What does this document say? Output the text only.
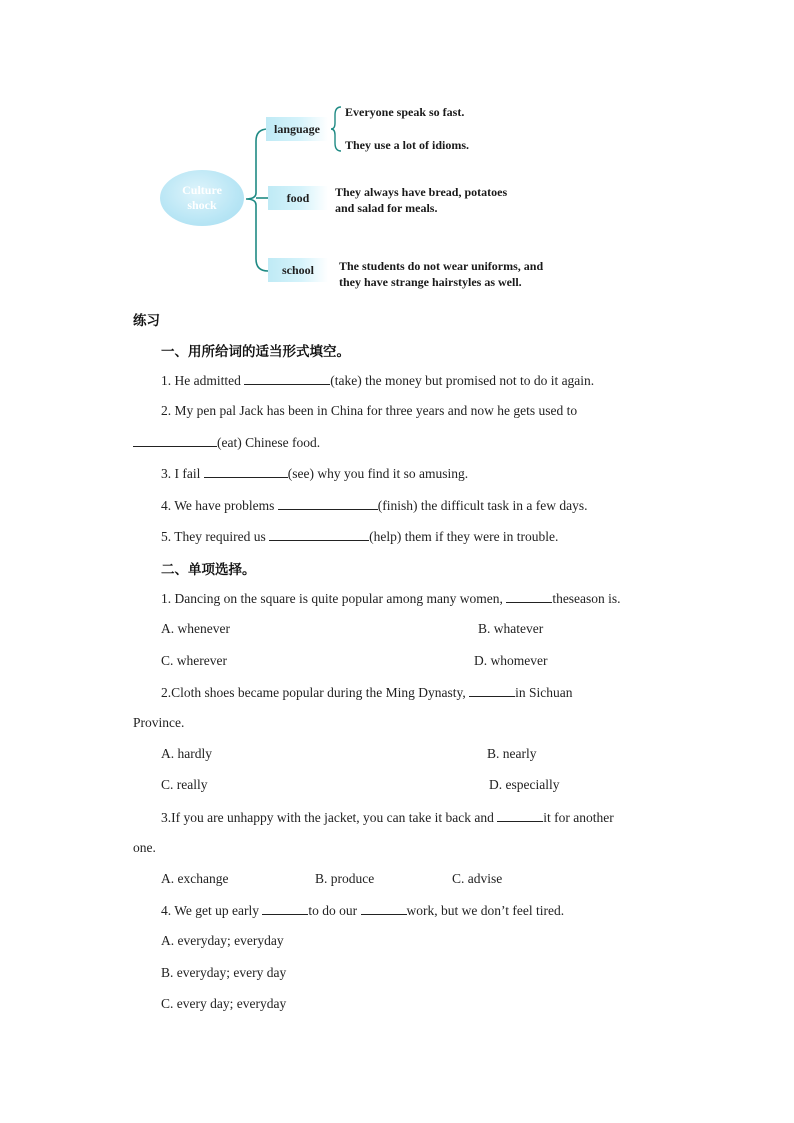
Culture
shock
language
food
school
Everyone speak so fast.
They use a lot of idioms.
They always have bread, potatoes
and salad for meals.
The students do not wear uniforms, and
they have strange hairstyles as well.
练习
一、用所给词的适当形式填空。
1. He admitted	(take) the money but promised not to do it again.
2. My pen pal Jack has been in China for three years and now he gets used to
(eat) Chinese food.
3. I fail	(see) why you find it so amusing.
4. We have problems	(finish) the difficult task in a few days.
5. They required us	(help) them if they were in trouble.
二、单项选择。
1. Dancing on the square is quite popular among many women,	theseason is.
A. whenever	B. whatever
C. wherever	D. whomever
2.Cloth shoes became popular during the Ming Dynasty,	in Sichuan
Province.
A. hardly	B. nearly
C. really	D. especially
3.If you are unhappy with the jacket, you can take it back and	it for another
one.
A. exchange	B. produce	C. advise
4. We get up early	to do our	work, but we don’t feel tired.
A. everyday; everyday
B. everyday; every day
C. every day; everyday
